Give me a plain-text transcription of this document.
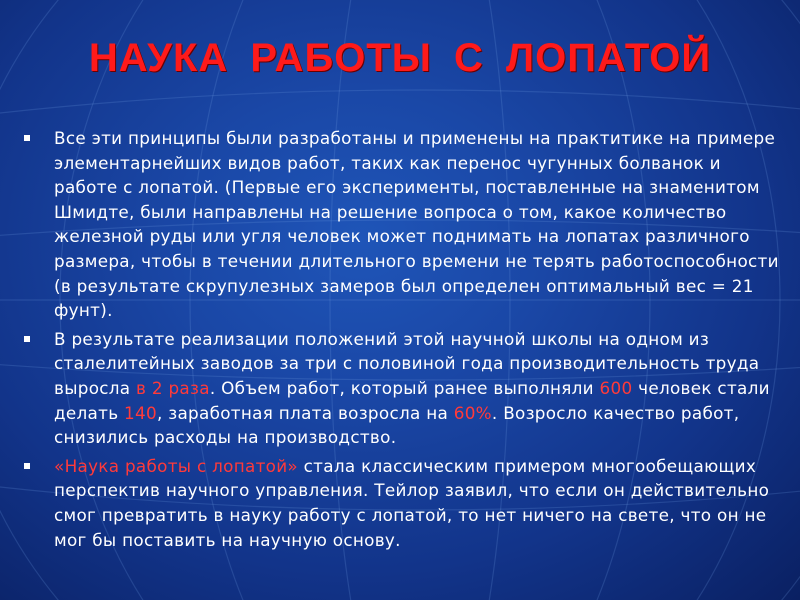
НАУКА РАБОТЫ С ЛОПАТОЙ
Все эти принципы были разработаны и применены на практитике на примере элементарнейших видов работ, таких как перенос чугунных болванок и работе с лопатой. (Первые его эксперименты, поставленные на знаменитом Шмидте, были направлены на решение вопроса о том, какое количество железной руды или угля человек может поднимать на лопатах различного размера, чтобы в течении длительного времени не терять работоспособности (в результате скрупулезных замеров был определен оптимальный вес = 21 фунт).
В результате реализации положений этой научной школы на одном из сталелитейных заводов за три с половиной года производительность труда выросла в 2 раза. Объем работ, который ранее выполняли 600 человек стали делать 140, заработная плата возросла на 60%. Возросло качество работ, снизились расходы на производство.
«Наука работы с лопатой» стала классическим примером многообещающих перспектив научного управления. Тейлор заявил, что если он действительно смог превратить в науку работу с лопатой, то нет ничего на свете, что он не мог бы поставить на научную основу.
